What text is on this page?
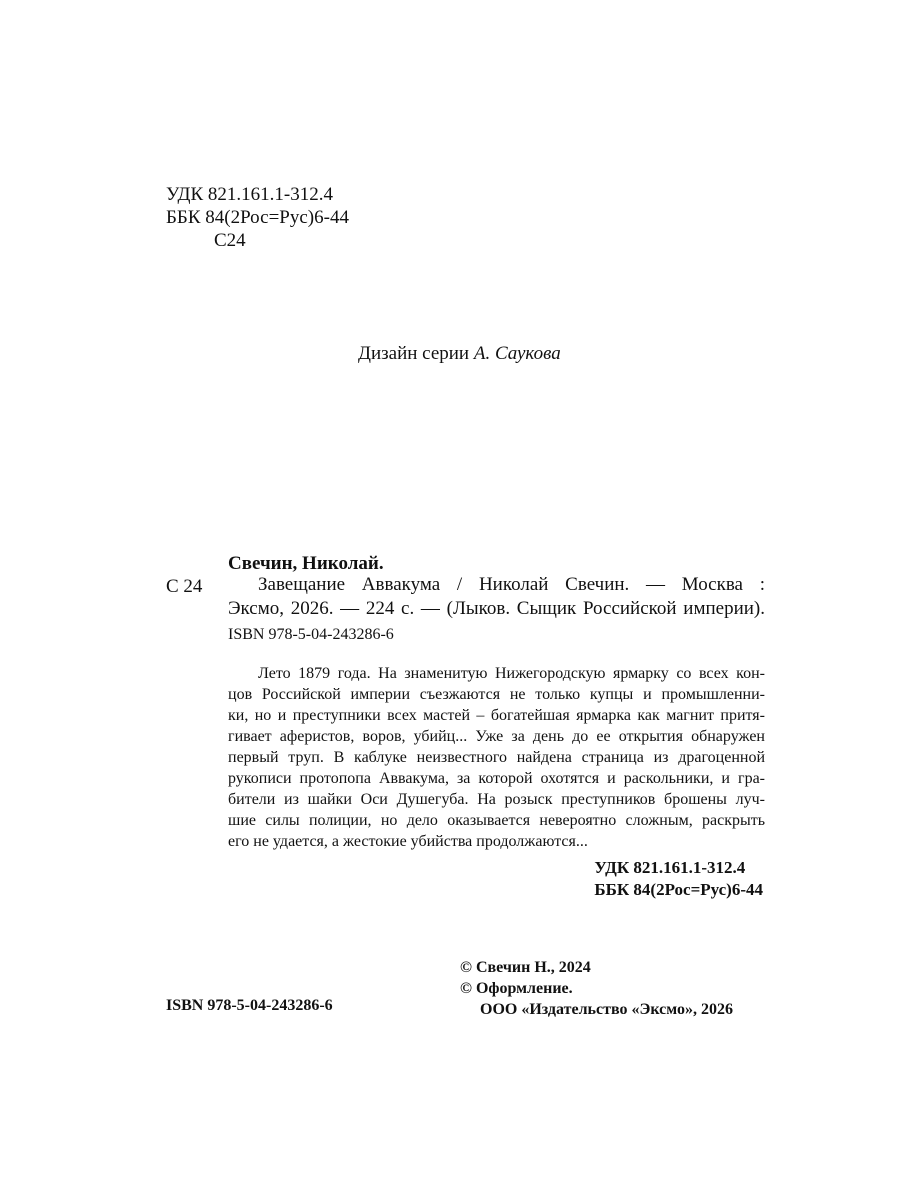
УДК 821.161.1-312.4
ББК 84(2Рос=Рус)6-44
С24
Дизайн серии А. Саукова
Свечин, Николай.
С 24	Завещание Аввакума / Николай Свечин. — Москва :
Эксмо, 2026. — 224 с. — (Лыков. Сыщик Российской империи).
ISBN 978-5-04-243286-6
Лето 1879 года. На знаменитую Нижегородскую ярмарку со всех кон-
цов Российской империи съезжаются не только купцы и промышленни-
ки, но и преступники всех мастей – богатейшая ярмарка как магнит притя-
гивает аферистов, воров, убийц... Уже за день до ее открытия обнаружен
первый труп. В каблуке неизвестного найдена страница из драгоценной
рукописи протопопа Аввакума, за которой охотятся и раскольники, и гра-
бители из шайки Оси Душегуба. На розыск преступников брошены луч-
шие силы полиции, но дело оказывается невероятно сложным, раскрыть
его не удается, а жестокие убийства продолжаются...
УДК 821.161.1-312.4
ББК 84(2Рос=Рус)6-44
© Свечин Н., 2024
© Оформление.
ООО «Издательство «Эксмо», 2026
ISBN 978-5-04-243286-6
